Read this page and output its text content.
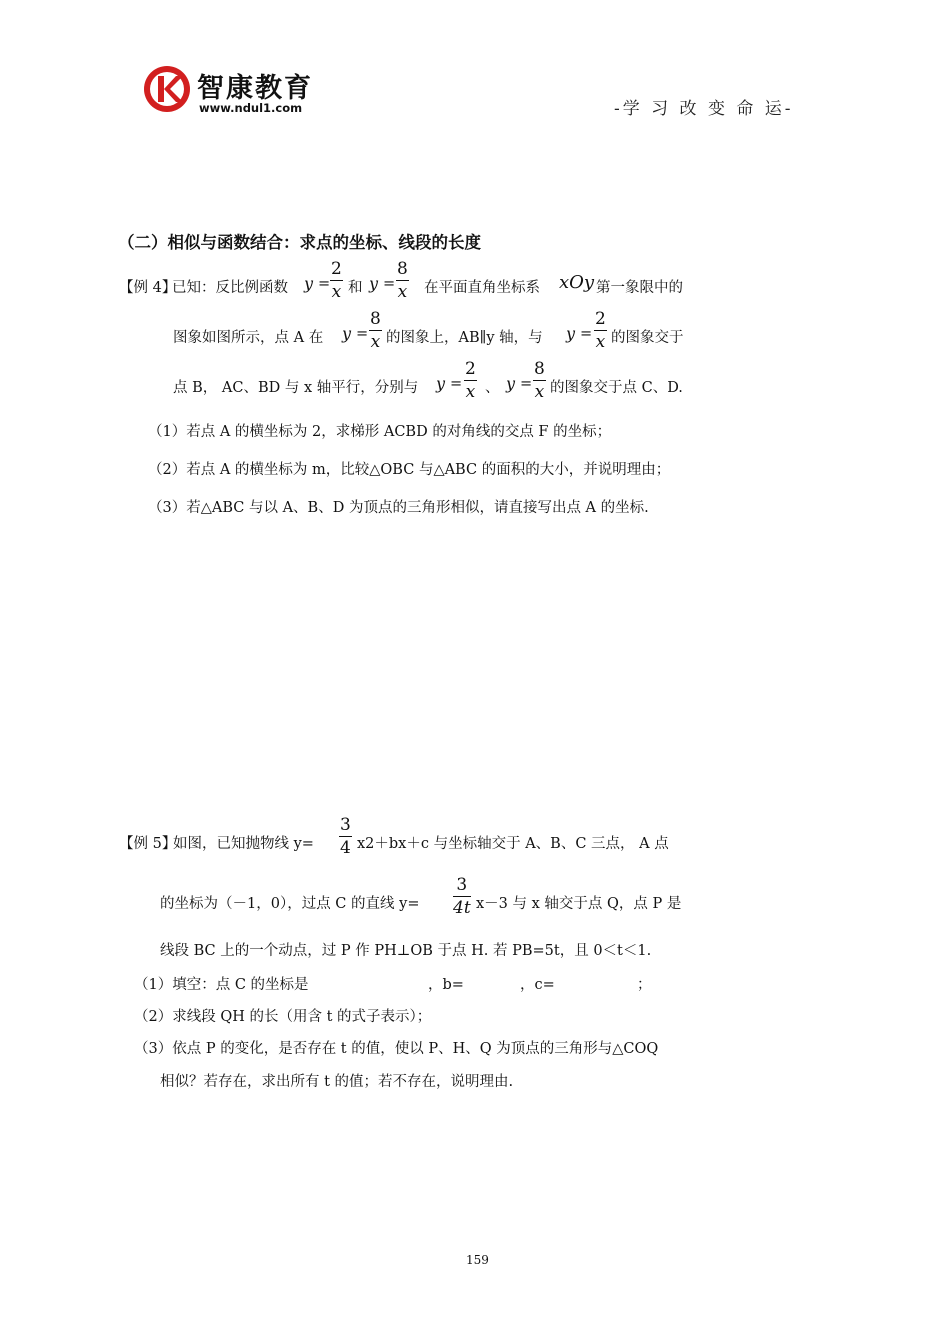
智康教育
www.ndul1.com	-学 习 改 变 命 运-
（二）相似与函数结合：求点的坐标、线段的长度
【例 4】
已知：反比例函数 y =
2
x 和 y =
8
x 在平面直角坐标系 xOy 第一象限中的
图象如图所示，点 A 在 y =
8
x 的图象上，AB∥y 轴，与 y =
2
x 的图象交于
点 B， AC、BD 与 x 轴平行，分别与 y =
2
x 、 y =
8
x 的图象交于点 C、D.
（1）若点 A 的横坐标为 2，求梯形 ACBD 的对角线的交点 F 的坐标；
（2）若点 A 的横坐标为 m，比较△OBC 与△ABC 的面积的大小，并说明理由；
（3）若△ABC 与以 A、B、D 为顶点的三角形相似，请直接写出点 A 的坐标.
【例 5】
如图，已知抛物线 y=
3
4 x2＋bx＋c 与坐标轴交于 A、B、C 三点， A 点
的坐标为（－1，0），过点 C 的直线 y=
3
4t x－3 与 x 轴交于点 Q，点 P 是
线段 BC 上的一个动点，过 P 作 PH⊥OB 于点 H. 若 PB=5t，且 0＜t＜1.
（1）填空：点 C 的坐标是	，b=	，c=	；
（2）求线段 QH 的长（用含 t 的式子表示）；
（3）依点 P 的变化，是否存在 t 的值，使以 P、H、Q 为顶点的三角形与△COQ
相似？若存在，求出所有 t 的值；若不存在，说明理由.
159
